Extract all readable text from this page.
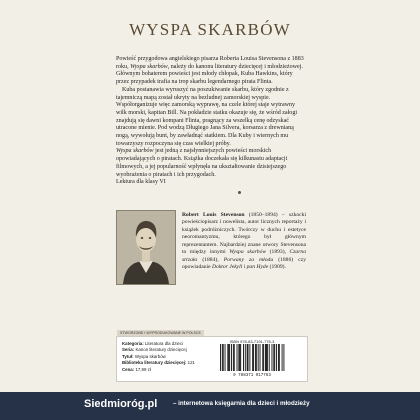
WYSPA SKARBÓW

Powieść przygodowa angielskiego pisarza Roberta Louisa Stevensona z 1883 roku, Wyspa skarbów, należy do kanonu literatury dziecięcej i młodzieżowej. Głównym bohaterem powieści jest młody chłopak, Kuba Hawkins, który przez przypadek trafia na trop skarbu legendarnego pirata Flinta.

Kuba postanawia wyruszyć na poszukiwanie skarbu, który zgodnie z tajemniczą mapą został ukryty na bezludnej zamorskiej wyspie. Współorganizuje więc zamorską wyprawę, na czele której staje wytrawny wilk morski, kapitan Bill. Na pokładzie statku okazuje się, że wśród załogi znajdują się dawni kompani Flinta, pragnący za wszelką cenę odzyskać utracone mienie. Pod wodzą Długiego Jana Silvera, korsarza z drewnianą nogą, wywołują bunt, by zawładnąć statkiem. Dla Kuby i wiernych mu towarzyszy rozpoczyna się czas wielkiej próby.

Wyspa skarbów jest jedną z najsłynniejszych powieści morskich opowiadających o piratach. Książka doczekała się kilkunastu adaptacji filmowych, a jej popularność wpłynęła na ukształtowanie dzisiejszego wyobrażenia o piratach i ich przygodach.

Lektura dla klasy VI

Robert Louis Stevenson (1850–1894) – szkocki powieściopisarz i nowelista, autor licznych reportaży i książek podróżniczych. Twórczy w duchu i estetyce neoromantyzmu, którego był głównym reprezentantem. Najbardziej znane utwory Stevensona to między innymi Wyspa skarbów (1893), Czarna strzała (1884), Porwany za młodu (1886) czy opowiadanie Doktor Jekyll i pan Hyde (1909).
STWORZONE I WYPRODUKOWANE W POLSCE
Kategoria: Literatura dla dzieci
Seria: Kanon literatury dziecięcej
Tytuł: Wyspa skarbów
Biblioteka literatury dziecięcej: 121
Cena: 17,99 zł
ISBN 978-83-7191-776-3
9 788371 917763
Siedmioróg.pl	– internetowa księgarnia dla dzieci i młodzieży
